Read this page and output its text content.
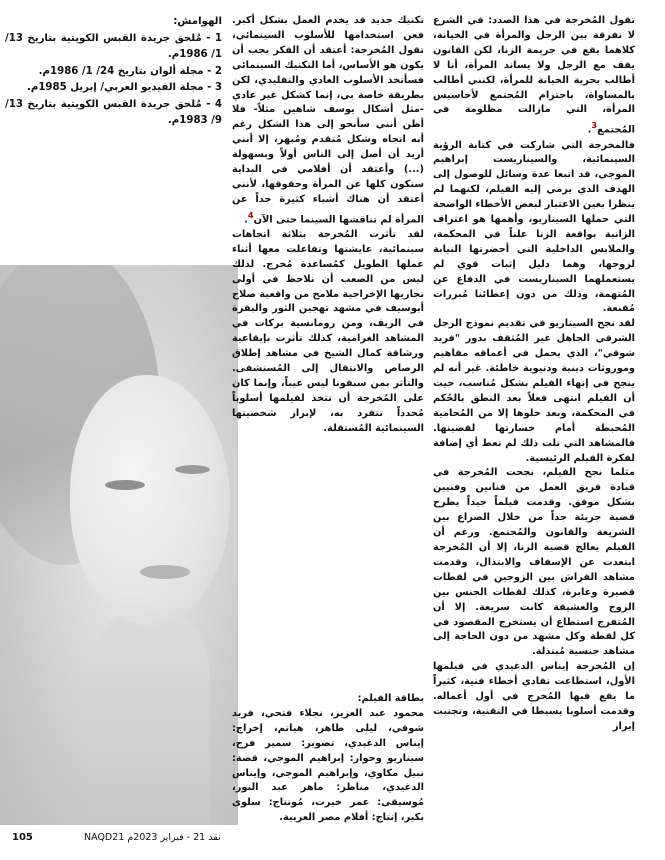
تقول المُخرجة في هذا الصدد: في الشرع لا تفرقة بين الرجل والمرأة في الخيانة، كلاهما يقع في جريمة الزنا، لكن القانون يقف مع الرجل ولا يساند المرأة، أنا لا أطالب بحرية الخيانة للمرأة، لكنني أطالب بالمساواة، باحترام المُجتمع لأحاسيس المرأة، التي مازالت مظلومة في المُجتمع$^3$.

فالمخرجة التي شاركت في كتابة الرؤية السينمائية، والسيناريست إبراهيم الموجي، قد اتبعا عدة وسائل للوصول إلى الهدف الذي يرمي إليه الفيلم، لكنهما لم ينظرا بعين الاعتبار لبعض الأخطاء الواضحة التي حملها السيناريو، وأهمها هو اعتراف الزانية بواقعة الزنا علناً في المحكمة، والملابس الداخلية التي أحضرتها النيابة لزوجها، وهما دليل إثبات قوي لم يستعملهما السيناريست في الدفاع عن المُتهمة، وذلك من دون إعطائنا مُبررات مُقنعة.

لقد نجح السيناريو في تقديم نموذج الرجل الشرقي الجاهل غير المُثقف بدور "فريد شوقي"، الذي يحمل في أعماقه مفاهيم وموروثات دينية ودنيوية خاطئة. غير أنه لم ينجح في إنهاء الفيلم بشكل مُناسب، حيث أن الفيلم انتهى فعلاً بعد النطق بالحُكم في المحكمة، وبعد خلوها إلا من المُحامية المُحبطة أمام خسارتها لقضيتها. فالمشاهد التي تلت ذلك لم تعط أي إضافة لفكرة الفيلم الرئيسية.

مثلما نجح الفيلم، نجحت المُخرجة في قيادة فريق العمل من فنانين وفنيين بشكل موفق. وقدمت فيلماً جيداً يطرح قضية جريئة جداً من خلال الصراع بين الشريعة والقانون والمُجتمع. ورغم أن الفيلم يعالج قضية الزنا، إلا أن المُخرجة ابتعدت عن الإسفاف والابتذال، وقدمت مشاهد الفراش بين الزوجين في لقطات قصيرة وعابرة، كذلك لقطات الجنس بين الزوج والعشيقة كانت سريعة. إلا أن المُتفرج استطاع أن يستخرج المقصود في كل لقطة وكل مشهد من دون الحاجة إلى مشاهد جنسية مُبتذلة.

إن المُخرجة إيناس الدغيدي في فيلمها الأول، استطاعت تفادي أخطاء فنية، كثيراً ما يقع فيها المُخرج في أول أعماله. وقدمت أسلوبا بسيطا في التقنية، وتجنبت إبراز

تكنيك جديد قد يخدم العمل بشكل أكبر. فعن استخدامها للأسلوب السينمائي، تقول المُخرجة: أعتقد أن الفكر يجب أن يكون هو الأساس، أما التكنيك السينمائي فسأتخذ الأسلوب العادي والتقليدي، لكن بطريقة خاصة بي، إنما كشكل غير عادي -مثل أشكال يوسف شاهين مثلاً- فلا أظن أنني سأنحو إلى هذا الشكل رغم أنه اتجاه وشكل مُتقدم ومُبهر، إلا أنني أريد أن أصل إلى الناس أولاً وبسهولة (...) وأعتقد أن أفلامي في البداية ستكون كلها عن المرأة وحقوقها، لأنني أعتقد أن هناك أشياء كثيرة جداً عن المرأة لم تناقشها السينما حتى الآن$^4$.

لقد تأثرت المُخرجة بثلاثة اتجاهات سينمائية، عايشتها وتفاعلت معها أثناء عملها الطويل كمُساعدة مُخرج. لذلك ليس من الصعب أن نلاحظ في أولى تجاربها الإخراجية ملامح من واقعية صلاح أبوسيف في مشهد تهجين الثور والبقرة في الريف، ومن رومانسية بركات في المشاهد الغرامية، كذلك تأثرت بإيقاعية ورشاقة كمال الشيخ في مشاهد إطلاق الرصاص والانتقال إلى المُستشفى. والتأثر بمن سبقونا ليس عيباً، وإنما كان على المُخرجة أن تتخذ لفيلمها أسلوباً مُحدداً تتفرد به، لإبراز شخصيتها السينمائية المُستقلة.

بطاقة الفيلم:

محمود عبد العزيز، نجلاء فتحي، فريد شوقي، ليلى طاهر، هياتم، إخراج: إيناس الدغيدي، تصوير: سمير فرج، سيناريو وحوار: إبراهيم الموجي، قصة: نبيل مكاوي، وإبراهيم الموجي، وإيناس الدغيدي، مناظر: ماهر عبد النور، مُوسيقى: عمر خيرت، مُونتاج: سلوى بكير، إنتاج: أفلام مصر العربية.

الهوامش:

1 - مُلحق جريدة القبس الكويتية بتاريخ 13/ 1/ 1986م.

2 - مجلة ألوان بتاريخ 24/ 1/ 1986م.

3 - مجلة الفيديو العربي/ إبريل 1985م.

4 - مُلحق جريدة القبس الكويتية بتاريخ 13/ 9/ 1983م.

105	نقد 21 - فبراير 2023م NAQD21
